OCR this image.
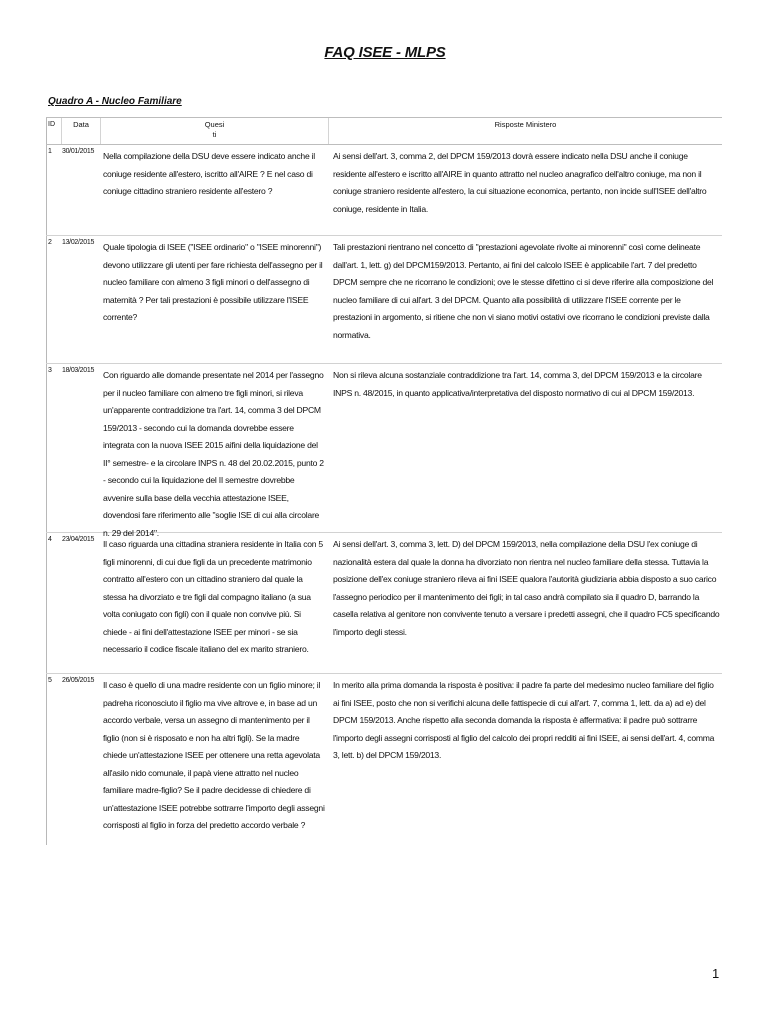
FAQ ISEE - MLPS
Quadro A - Nucleo Familiare
ID	Data	Quesi
ti
Risposte Ministero
1	30/01/2015	Nella compilazione della DSU deve essere indicato anche il coniuge residente all'estero, iscritto all'AIRE ? E nel caso di coniuge cittadino straniero residente all'estero ?
Ai sensi dell'art. 3, comma 2, del DPCM 159/2013 dovrà essere indicato nella DSU anche il coniuge residente all'estero e iscritto all'AIRE in quanto attratto nel nucleo anagrafico dell'altro coniuge, ma non il coniuge straniero residente all'estero, la cui situazione economica, pertanto, non incide sull'ISEE dell'altro coniuge, residente in Italia.
2	13/02/2015	Quale tipologia di ISEE ("ISEE ordinario" o "ISEE minorenni") devono utilizzare gli utenti per fare richiesta dell'assegno per il nucleo familiare con almeno 3 figli minori o dell'assegno di maternità ? Per tali prestazioni è possibile utilizzare l'ISEE corrente?
Tali prestazioni rientrano nel concetto di "prestazioni agevolate rivolte ai minorenni" così come delineate dall'art. 1, lett. g) del DPCM159/2013. Pertanto, ai fini del calcolo ISEE è applicabile l'art. 7 del predetto DPCM sempre che ne ricorrano le condizioni; ove le stesse difettino ci si deve riferire alla composizione del nucleo familiare di cui all'art. 3 del DPCM. Quanto alla possibilità di utilizzare l'ISEE corrente per le prestazioni in argomento, si ritiene che non vi siano motivi ostativi ove ricorrano le condizioni previste dalla normativa.
3	18/03/2015	Con riguardo alle domande presentate nel 2014 per l'assegno per il nucleo familiare con almeno tre figli minori, si rileva un'apparente contraddizione tra l'art. 14, comma 3 del DPCM 159/2013 - secondo cui la domanda dovrebbe essere integrata con la nuova ISEE 2015 aifini della liquidazione del II° semestre- e la circolare INPS n. 48 del 20.02.2015, punto 2 - secondo cui la liquidazione del II semestre dovrebbe avvenire sulla base della vecchia attestazione ISEE, dovendosi fare riferimento alle "soglie ISE di cui alla circolare n. 29 del 2014".
Non si rileva alcuna sostanziale contraddizione tra l'art. 14, comma 3, del DPCM 159/2013 e la circolare INPS n. 48/2015, in quanto applicativa/interpretativa del disposto normativo di cui al DPCM 159/2013.
4	23/04/2015	Il caso riguarda una cittadina straniera residente in Italia con 5 figli minorenni, di cui due figli da un precedente matrimonio contratto all'estero con un cittadino straniero dal quale la stessa ha divorziato e tre figli dal compagno italiano (a sua volta coniugato con figli) con il quale non convive più. Si chiede - ai fini dell'attestazione ISEE per minori - se sia necessario il codice fiscale italiano del ex marito straniero.
Ai sensi dell'art. 3, comma 3, lett. D) del DPCM 159/2013, nella compilazione della DSU l'ex coniuge di nazionalità estera dal quale la donna ha divorziato non rientra nel nucleo familiare della stessa. Tuttavia la posizione dell'ex coniuge straniero rileva ai fini ISEE qualora l'autorità giudiziaria abbia disposto a suo carico l'assegno periodico per il mantenimento dei figli; in tal caso andrà compilato sia il quadro D, barrando la casella relativa al genitore non convivente tenuto a versare i predetti assegni, che il quadro FC5 specificando l'importo degli stessi.
5	26/05/2015	Il caso è quello di una madre residente con un figlio minore; il padreha riconosciuto il figlio ma vive altrove e, in base ad un accordo verbale, versa un assegno di mantenimento per il figlio (non si è risposato e non ha altri figli). Se la madre chiede un'attestazione ISEE per ottenere una retta agevolata all'asilo nido comunale, il papà viene attratto nel nucleo familiare madre-figlio? Se il padre decidesse di chiedere di un'attestazione ISEE potrebbe sottrarre l'importo degli assegni corrisposti al figlio in forza del predetto accordo verbale ?
In merito alla prima domanda la risposta è positiva: il padre fa parte del medesimo nucleo familiare del figlio ai fini ISEE, posto che non si verifichi alcuna delle fattispecie di cui all'art. 7, comma 1, lett. da a) ad e) del DPCM 159/2013. Anche rispetto alla seconda domanda la risposta è affermativa: il padre può sottrarre l'importo degli assegni corrisposti al figlio del calcolo dei propri redditi ai fini ISEE, ai sensi dell'art. 4, comma 3, lett. b) del DPCM 159/2013.
1
